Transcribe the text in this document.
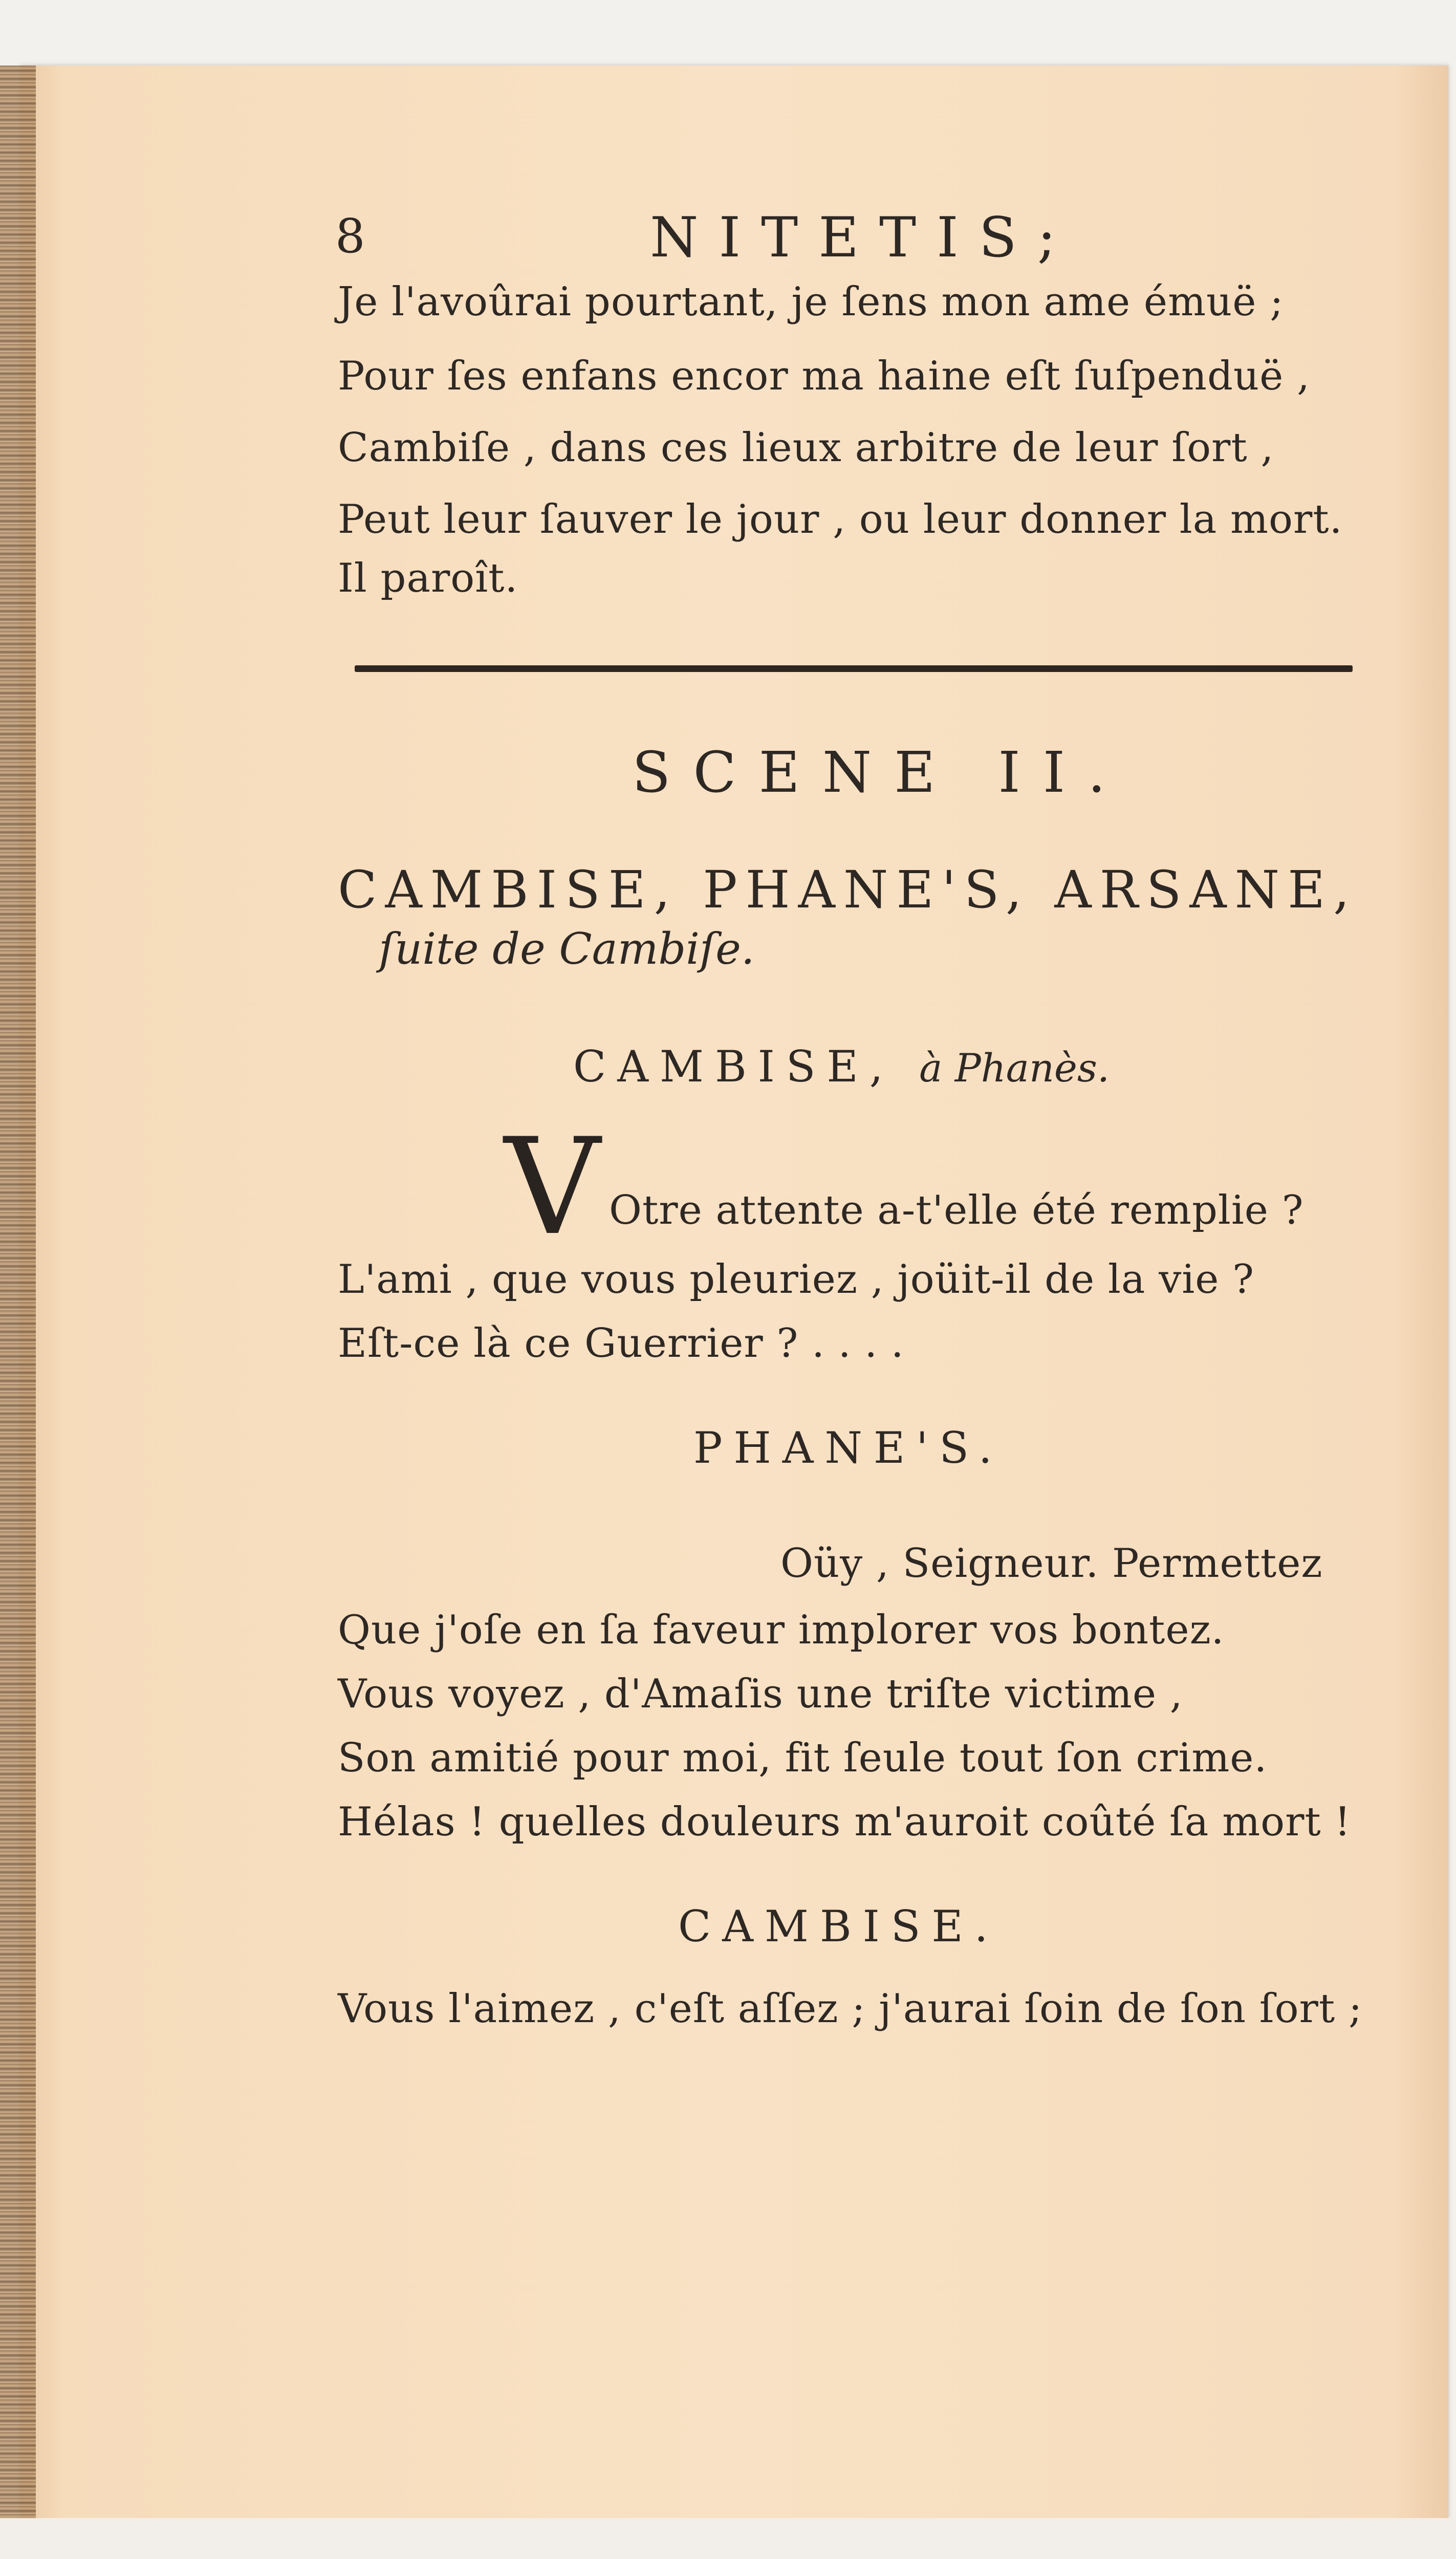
8	NITETIS;
Je l'avoûrai pourtant, je ſens mon ame émuë ;
Pour ſes enfans encor ma haine eſt ſuſpenduë ,
Cambiſe , dans ces lieux arbitre de leur ſort ,
Peut leur ſauver le jour , ou leur donner la mort.
Il paroît.
SCENE II.
CAMBISE, PHANE'S, ARSANE,
ſuite de Cambiſe.
CAMBISE, à Phanès.
V Otre attente a-t'elle été remplie ?
L'ami , que vous pleuriez , joüit-il de la vie ?
Eſt-ce là ce Guerrier ? . . . .
PHANE'S.
Oüy , Seigneur. Permettez
Que j'oſe en ſa faveur implorer vos bontez.
Vous voyez , d'Amaſis une triſte victime ,
Son amitié pour moi, fit ſeule tout ſon crime.
Hélas ! quelles douleurs m'auroit coûté ſa mort !
CAMBISE.
Vous l'aimez , c'eſt aſſez ; j'aurai ſoin de ſon ſort ;
